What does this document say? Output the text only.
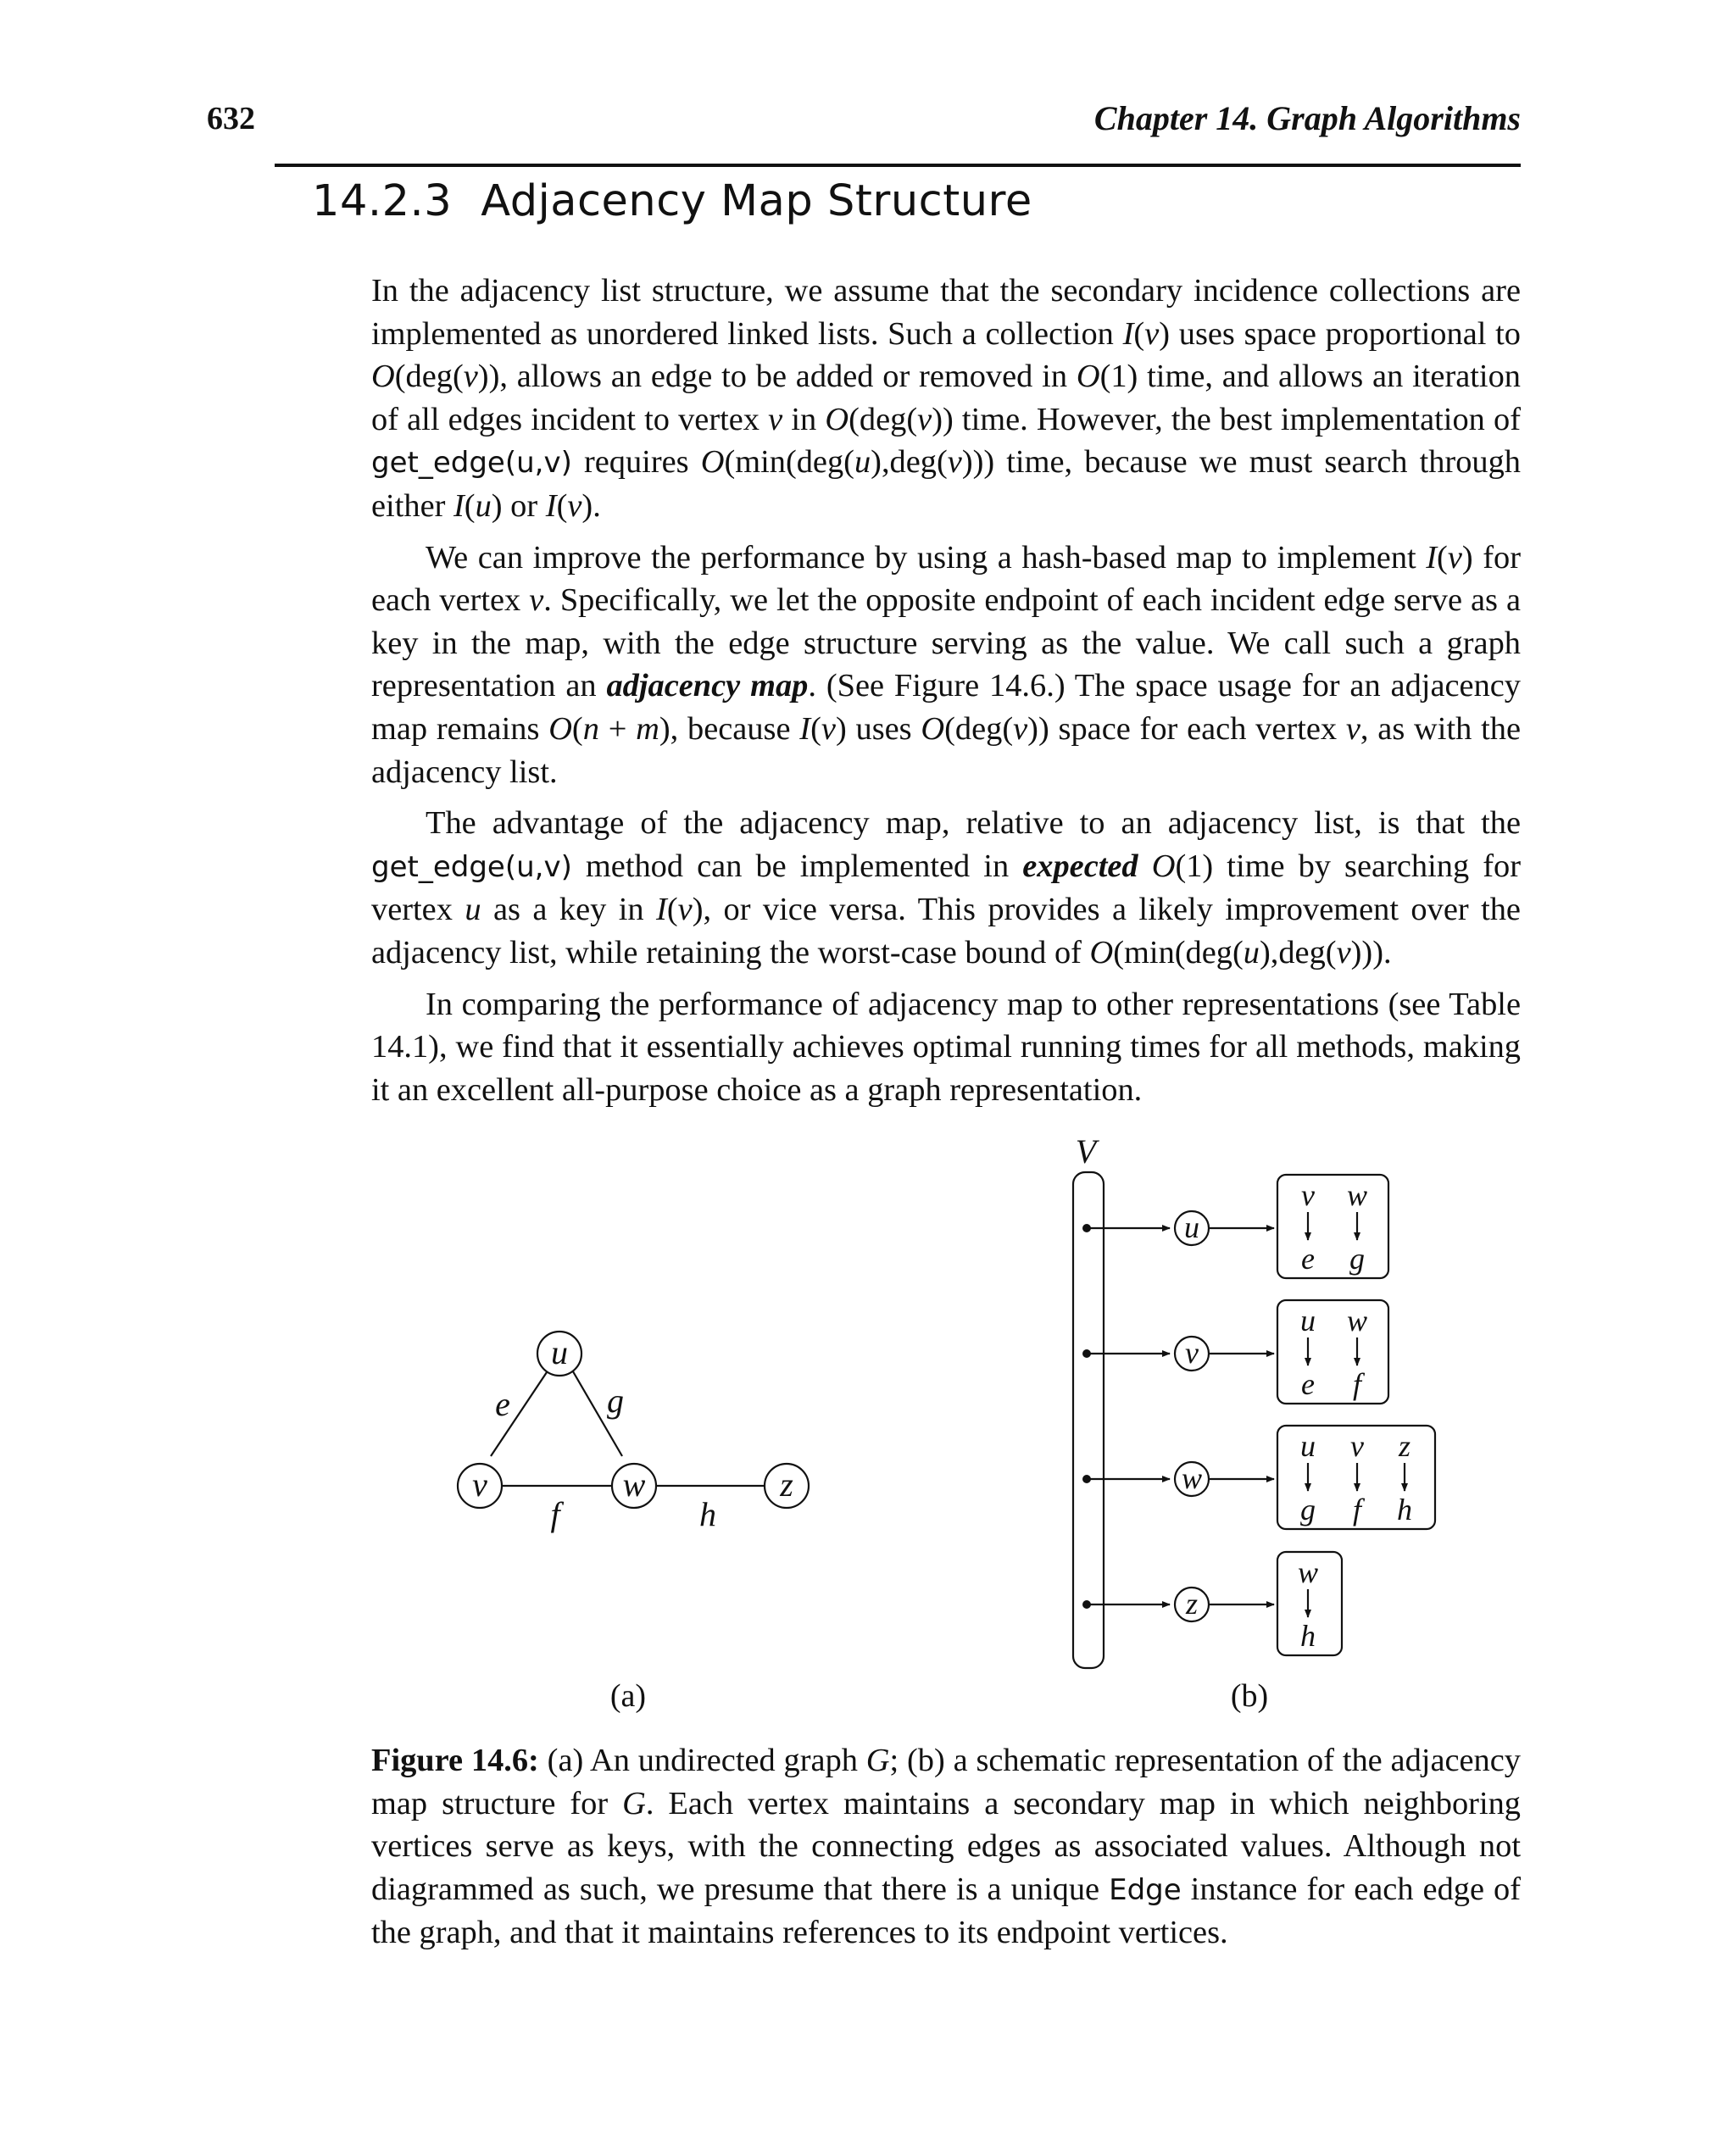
632	Chapter 14. Graph Algorithms
14.2.3 Adjacency Map Structure

In the adjacency list structure, we assume that the secondary incidence collections are implemented as unordered linked lists. Such a collection I(v) uses space proportional to O(deg(v)), allows an edge to be added or removed in O(1) time, and allows an iteration of all edges incident to vertex v in O(deg(v)) time. However, the best implementation of get_edge(u,v) requires O(min(deg(u),deg(v))) time, because we must search through either I(u) or I(v).

We can improve the performance by using a hash-based map to implement I(v) for each vertex v. Specifically, we let the opposite endpoint of each incident edge serve as a key in the map, with the edge structure serving as the value. We call such a graph representation an adjacency map. (See Figure 14.6.) The space usage for an adjacency map remains O(n + m), because I(v) uses O(deg(v)) space for each vertex v, as with the adjacency list.

The advantage of the adjacency map, relative to an adjacency list, is that the get_edge(u,v) method can be implemented in expected O(1) time by searching for vertex u as a key in I(v), or vice versa. This provides a likely improvement over the adjacency list, while retaining the worst-case bound of O(min(deg(u),deg(v))).

In comparing the performance of adjacency map to other representations (see Table 14.1), we find that it essentially achieves optimal running times for all methods, making it an excellent all-purpose choice as a graph representation.

u
v	w	z
e	g
f	h
(a)
V
u
v w
e g
v
u w
e f
w
u v z
g f h
z
w
h
(b)
Figure 14.6: (a) An undirected graph G; (b) a schematic representation of the adjacency map structure for G. Each vertex maintains a secondary map in which neighboring vertices serve as keys, with the connecting edges as associated values. Although not diagrammed as such, we presume that there is a unique Edge instance for each edge of the graph, and that it maintains references to its endpoint vertices.
